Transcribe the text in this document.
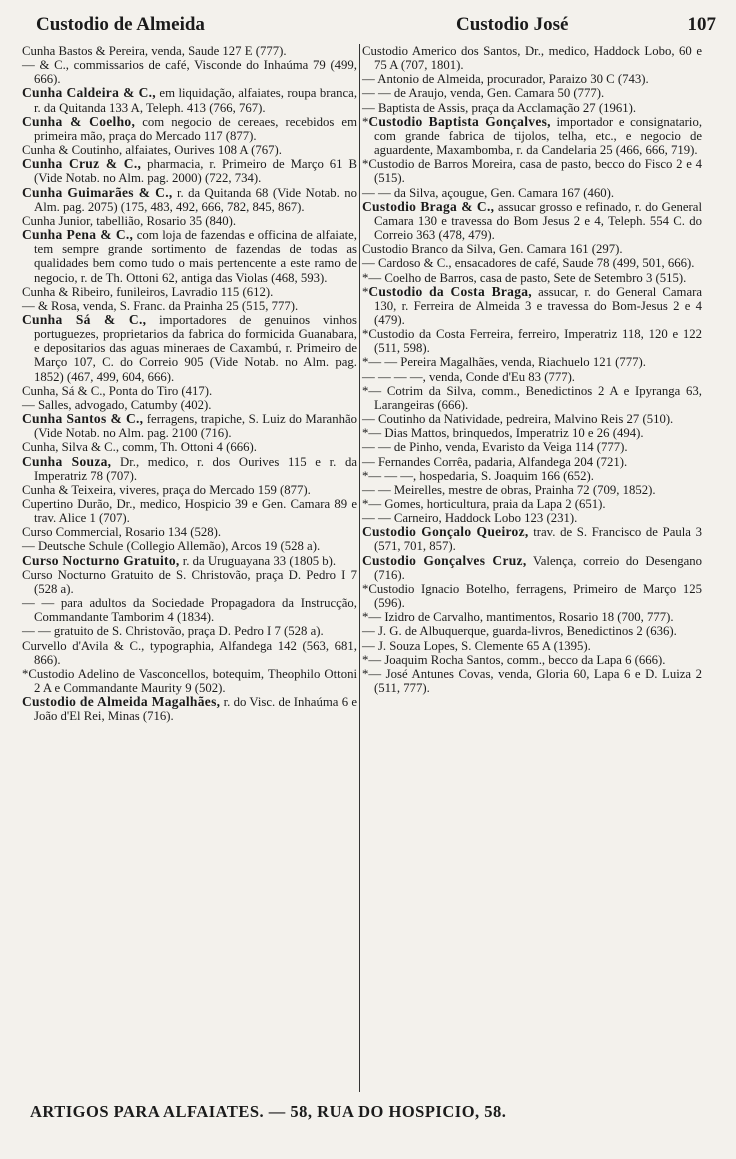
Custodio de Almeida	Custodio José	107
Cunha Bastos & Pereira, venda, Saude 127 E (777).
— & C., commissarios de café, Visconde do Inhaúma 79 (499, 666).
Cunha Caldeira & C., em liquidação, alfaiates, roupa branca, r. da Quitanda 133 A, Teleph. 413 (766, 767).
Cunha & Coelho, com negocio de cereaes, recebidos em primeira mão, praça do Mercado 117 (877).
Cunha & Coutinho, alfaiates, Ourives 108 A (767).
Cunha Cruz & C., pharmacia, r. Primeiro de Março 61 B (Vide Notab. no Alm. pag. 2000) (722, 734).
Cunha Guimarães & C., r. da Quitanda 68 (Vide Notab. no Alm. pag. 2075) (175, 483, 492, 666, 782, 845, 867).
Cunha Junior, tabellião, Rosario 35 (840).
Cunha Pena & C., com loja de fazendas e officina de alfaiate, tem sempre grande sortimento de fazendas de todas as qualidades bem como tudo o mais pertencente a este ramo de negocio, r. de Th. Ottoni 62, antiga das Violas (468, 593).
Cunha & Ribeiro, funileiros, Lavradio 115 (612).
— & Rosa, venda, S. Franc. da Prainha 25 (515, 777).
Cunha Sá & C., importadores de genuinos vinhos portuguezes, proprietarios da fabrica do formicida Guanabara, e depositarios das aguas mineraes de Caxambú, r. Primeiro de Março 107, C. do Correio 905 (Vide Notab. no Alm. pag. 1852) (467, 499, 604, 666).
Cunha, Sá & C., Ponta do Tiro (417).
— Salles, advogado, Catumby (402).
Cunha Santos & C., ferragens, trapiche, S. Luiz do Maranhão (Vide Notab. no Alm. pag. 2100 (716).
Cunha, Silva & C., comm, Th. Ottoni 4 (666).
Cunha Souza, Dr., medico, r. dos Ourives 115 e r. da Imperatriz 78 (707).
Cunha & Teixeira, viveres, praça do Mercado 159 (877).
Cupertino Durão, Dr., medico, Hospicio 39 e Gen. Camara 89 e trav. Alice 1 (707).
Curso Commercial, Rosario 134 (528).
— Deutsche Schule (Collegio Allemão), Arcos 19 (528 a).
Curso Nocturno Gratuito, r. da Uruguayana 33 (1805 b).
Curso Nocturno Gratuito de S. Christovão, praça D. Pedro I 7 (528 a).
— — para adultos da Sociedade Propagadora da Instrucção, Commandante Tamborim 4 (1834).
— — gratuito de S. Christovão, praça D. Pedro I 7 (528 a).
Curvello d'Avila & C., typographia, Alfandega 142 (563, 681, 866).
*Custodio Adelino de Vasconcellos, botequim, Theophilo Ottoni 2 A e Commandante Maurity 9 (502).
Custodio de Almeida Magalhães, r. do Visc. de Inhaúma 6 e João d'El Rei, Minas (716).
Custodio Americo dos Santos, Dr., medico, Haddock Lobo, 60 e 75 A (707, 1801).
— Antonio de Almeida, procurador, Paraizo 30 C (743).
— — de Araujo, venda, Gen. Camara 50 (777).
— Baptista de Assis, praça da Acclamação 27 (1961).
*Custodio Baptista Gonçalves, importador e consignatario, com grande fabrica de tijolos, telha, etc., e negocio de aguardente, Maxambomba, r. da Candelaria 25 (466, 666, 719).
*Custodio de Barros Moreira, casa de pasto, becco do Fisco 2 e 4 (515).
— — da Silva, açougue, Gen. Camara 167 (460).
Custodio Braga & C., assucar grosso e refinado, r. do General Camara 130 e travessa do Bom Jesus 2 e 4, Teleph. 554 C. do Correio 363 (478, 479).
Custodio Branco da Silva, Gen. Camara 161 (297).
— Cardoso & C., ensacadores de café, Saude 78 (499, 501, 666).
*— Coelho de Barros, casa de pasto, Sete de Setembro 3 (515).
*Custodio da Costa Braga, assucar, r. do General Camara 130, r. Ferreira de Almeida 3 e travessa do Bom-Jesus 2 e 4 (479).
*Custodio da Costa Ferreira, ferreiro, Imperatriz 118, 120 e 122 (511, 598).
*— — Pereira Magalhães, venda, Riachuelo 121 (777).
— — — —, venda, Conde d'Eu 83 (777).
*— Cotrim da Silva, comm., Benedictinos 2 A e Ipyranga 63, Larangeiras (666).
— Coutinho da Natividade, pedreira, Malvino Reis 27 (510).
*— Dias Mattos, brinquedos, Imperatriz 10 e 26 (494).
— — de Pinho, venda, Evaristo da Veiga 114 (777).
— Fernandes Corrêa, padaria, Alfandega 204 (721).
*— — —, hospedaria, S. Joaquim 166 (652).
— — Meirelles, mestre de obras, Prainha 72 (709, 1852).
*— Gomes, horticultura, praia da Lapa 2 (651).
— — Carneiro, Haddock Lobo 123 (231).
Custodio Gonçalo Queiroz, trav. de S. Francisco de Paula 3 (571, 701, 857).
Custodio Gonçalves Cruz, Valença, correio do Desengano (716).
*Custodio Ignacio Botelho, ferragens, Primeiro de Março 125 (596).
*— Izidro de Carvalho, mantimentos, Rosario 18 (700, 777).
— J. G. de Albuquerque, guarda-livros, Benedictinos 2 (636).
— J. Souza Lopes, S. Clemente 65 A (1395).
*— Joaquim Rocha Santos, comm., becco da Lapa 6 (666).
*— José Antunes Covas, venda, Gloria 60, Lapa 6 e D. Luiza 2 (511, 777).
ARTIGOS PARA ALFAIATES. — 58, RUA DO HOSPICIO, 58.
